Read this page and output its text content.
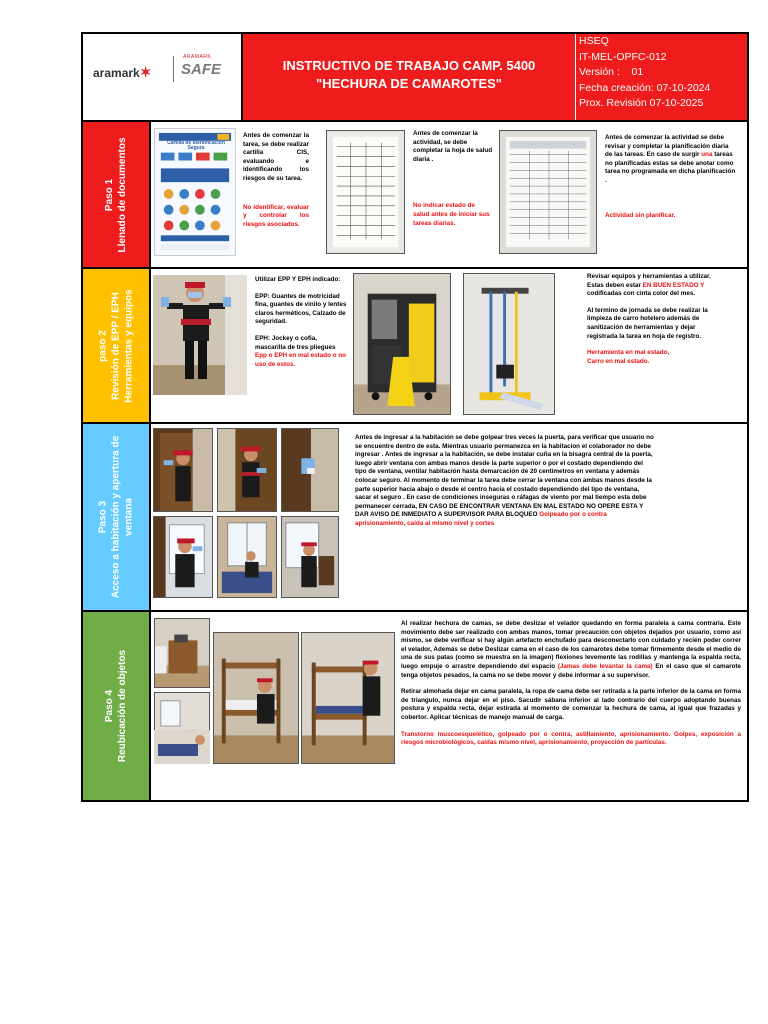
aramark✶
ARAMARK
SAFE	INSTRUCTIVO DE TRABAJO CAMP. 5400
"HECHURA DE CAMAROTES"
HSEQ
IT-MEL-OPFC-012
Versión :    01
Fecha creación: 07-10-2024
Prox. Revisión 07-10-2025
Paso 1 Llenado de documentos	Cartilla de Identificación Segura
Antes de comenzar la tarea, se debe realizar cartilla CIS, evaluando e identificando los riesgos de su tarea.
No identificar, evaluar y controlar los riesgos asociados.
Antes de comenzar la actividad, se debe completar la hoja de salud diaria .
No indicar estado de salud antes de iniciar sus tareas diarias.
Antes de comenzar la actividad se debe revisar y completar la planificación diaria de las tareas. En caso de surgir una tareas no planificadas estas se debe anotar como tarea no programada en dicha planificación .
Actividad sin planificar.
paso 2 Revisión de EPP / EPH Herramientas y equipos
Utilizar EPP Y EPH indicado:
EPP: Guantes de motricidad fina, guantes de vinilo y lentes claros herméticos, Calzado de seguridad.
EPH: Jockey o cofia, mascarilla de tres pliegues
Epp o EPH en mal estado o no uso de estos.
Revisar equipos y herramientas a utilizar. Estas deben estar EN BUEN ESTADO Y codificadas con cinta color del mes.
Al termino de jornada se debe realizar la limpieza de carro hotelero además de sanitización de herramientas y dejar registrada la tarea en hoja de registro.
Herramienta en mal estado,
Carro en mal estado.
Paso 3 Acceso a habitación y apertura de ventana
Antes de ingresar a la habitación se debe golpear tres veces la puerta, para verificar que usuario no se encuentre dentro de esta. Mientras usuario permanezca en la habitacion el colaborador no debe ingresar . Antes de ingresar a la habitación, se debe instalar cuña en la bisagra central de la puerta, luego abrir ventana con ambas manos desde la parte superior o por el costado dependiendo del tipo de ventana, ventilar habitación hasta demarcación de 20 centímetros en ventana y además colocar seguro. Al momento de terminar la tarea debe cerrar la ventana con ambas manos desde la parte superior hacia abajo o desde el centro hacia el costado dependiendo del tipo de ventana, sacar el seguro . En caso de condiciones inseguras o ráfagas de viento por mal tiempo esta debe permanecer cerrada, EN CASO DE ENCONTRAR VENTANA EN MAL ESTADO NO OPERE ESTA Y DAR AVISO DE INMEDIATO A SUPERVISOR PARA BLOQUEO Golpeado por o contra aprisionamiento, caída al mismo nivel y cortes
Paso 4 Reubicación de objetos
Al realizar hechura de camas, se debe deslizar el velador quedando en forma paralela a cama contraria. Este movimiento debe ser realizado con ambas manos, tomar precaución con objetos dejados por usuario, como así mismo, se debe verificar si hay algún artefacto enchufado para desconectarlo con cuidado y recién poder correr el velador, Además se debe Deslizar cama en el caso de los camarotes debe tomar firmemente desde el medio de una de sus patas (como se muestra en la imagen) flexiones levemente las rodillas y mantenga la espalda recta, luego empuje o arrastre dependiendo del espacio (Jamas debe levantar la cama) En el caso que el camarote tenga objetos pesados, la cama no se debe mover y debe informar a su supervisor.
Retirar almohada dejar en cama paralela, la ropa de cama debe ser retirada a la parte inferior de la cama en forma de triangulo, nunca dejar en el piso. Sacudir sábana inferior al lado contrario del cuerpo adoptando buenas postura y espalda recta, dejar estirada al momento de comenzar la hechura de cama, al igual que frazadas y cobertor. Aplicar técnicas de manejo manual de carga.
Transtorno muscoesquelético, golpeado por o contra, astillamiento, aprisionamiento. Golpes, exposición a riesgos microbiológicos, caídas mismo nivel, aprisionamiento, proyección de partículas.
